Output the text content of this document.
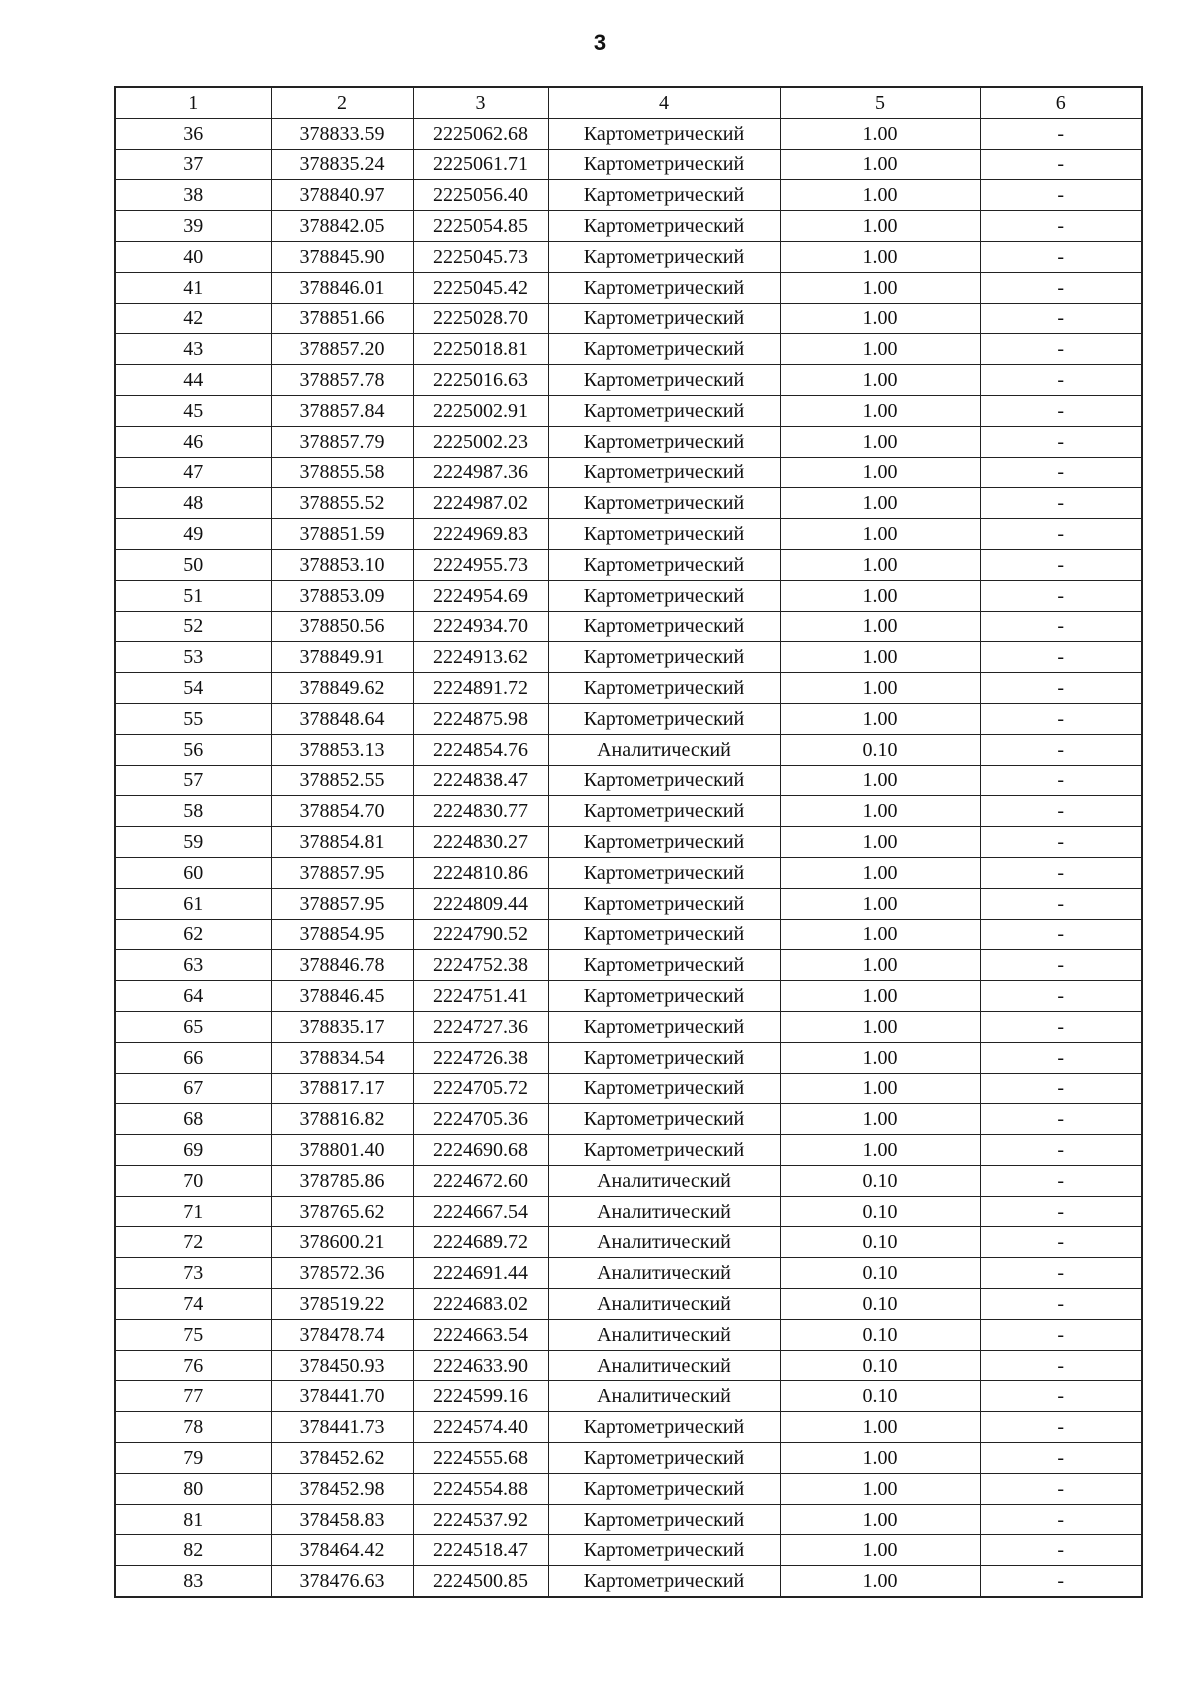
3
1	2	3	4	5	6
36	378833.59	2225062.68	Картометрический	1.00	-
37	378835.24	2225061.71	Картометрический	1.00	-
38	378840.97	2225056.40	Картометрический	1.00	-
39	378842.05	2225054.85	Картометрический	1.00	-
40	378845.90	2225045.73	Картометрический	1.00	-
41	378846.01	2225045.42	Картометрический	1.00	-
42	378851.66	2225028.70	Картометрический	1.00	-
43	378857.20	2225018.81	Картометрический	1.00	-
44	378857.78	2225016.63	Картометрический	1.00	-
45	378857.84	2225002.91	Картометрический	1.00	-
46	378857.79	2225002.23	Картометрический	1.00	-
47	378855.58	2224987.36	Картометрический	1.00	-
48	378855.52	2224987.02	Картометрический	1.00	-
49	378851.59	2224969.83	Картометрический	1.00	-
50	378853.10	2224955.73	Картометрический	1.00	-
51	378853.09	2224954.69	Картометрический	1.00	-
52	378850.56	2224934.70	Картометрический	1.00	-
53	378849.91	2224913.62	Картометрический	1.00	-
54	378849.62	2224891.72	Картометрический	1.00	-
55	378848.64	2224875.98	Картометрический	1.00	-
56	378853.13	2224854.76	Аналитический	0.10	-
57	378852.55	2224838.47	Картометрический	1.00	-
58	378854.70	2224830.77	Картометрический	1.00	-
59	378854.81	2224830.27	Картометрический	1.00	-
60	378857.95	2224810.86	Картометрический	1.00	-
61	378857.95	2224809.44	Картометрический	1.00	-
62	378854.95	2224790.52	Картометрический	1.00	-
63	378846.78	2224752.38	Картометрический	1.00	-
64	378846.45	2224751.41	Картометрический	1.00	-
65	378835.17	2224727.36	Картометрический	1.00	-
66	378834.54	2224726.38	Картометрический	1.00	-
67	378817.17	2224705.72	Картометрический	1.00	-
68	378816.82	2224705.36	Картометрический	1.00	-
69	378801.40	2224690.68	Картометрический	1.00	-
70	378785.86	2224672.60	Аналитический	0.10	-
71	378765.62	2224667.54	Аналитический	0.10	-
72	378600.21	2224689.72	Аналитический	0.10	-
73	378572.36	2224691.44	Аналитический	0.10	-
74	378519.22	2224683.02	Аналитический	0.10	-
75	378478.74	2224663.54	Аналитический	0.10	-
76	378450.93	2224633.90	Аналитический	0.10	-
77	378441.70	2224599.16	Аналитический	0.10	-
78	378441.73	2224574.40	Картометрический	1.00	-
79	378452.62	2224555.68	Картометрический	1.00	-
80	378452.98	2224554.88	Картометрический	1.00	-
81	378458.83	2224537.92	Картометрический	1.00	-
82	378464.42	2224518.47	Картометрический	1.00	-
83	378476.63	2224500.85	Картометрический	1.00	-
